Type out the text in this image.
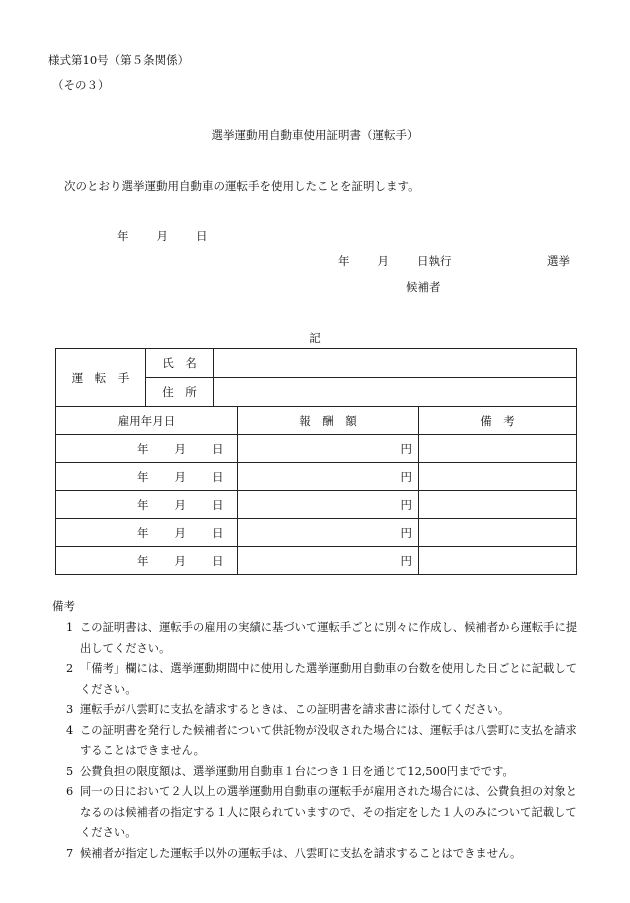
様式第10号（第５条関係）
（その３）
選挙運動用自動車使用証明書（運転手）
次のとおり選挙運動用自動車の運転手を使用したことを証明します。
年 月 日
年 月 日執行	選挙
候補者
記
運　転　手	氏　名	
	住　所	
雇用年月日	報　酬　額	備　考
年 月 日	円	
年 月 日	円	
年 月 日	円	
年 月 日	円	
年 月 日	円	
備考
1 この証明書は、運転手の雇用の実績に基づいて運転手ごとに別々に作成し、候補者から運転手に提出してください。
2 「備考」欄には、選挙運動期間中に使用した選挙運動用自動車の台数を使用した日ごとに記載してください。
3 運転手が八雲町に支払を請求するときは、この証明書を請求書に添付してください。
4 この証明書を発行した候補者について供託物が没収された場合には、運転手は八雲町に支払を請求することはできません。
5 公費負担の限度額は、選挙運動用自動車１台につき１日を通じて12,500円までです。
6 同一の日において２人以上の選挙運動用自動車の運転手が雇用された場合には、公費負担の対象となるのは候補者の指定する１人に限られていますので、その指定をした１人のみについて記載してください。
7 候補者が指定した運転手以外の運転手は、八雲町に支払を請求することはできません。
